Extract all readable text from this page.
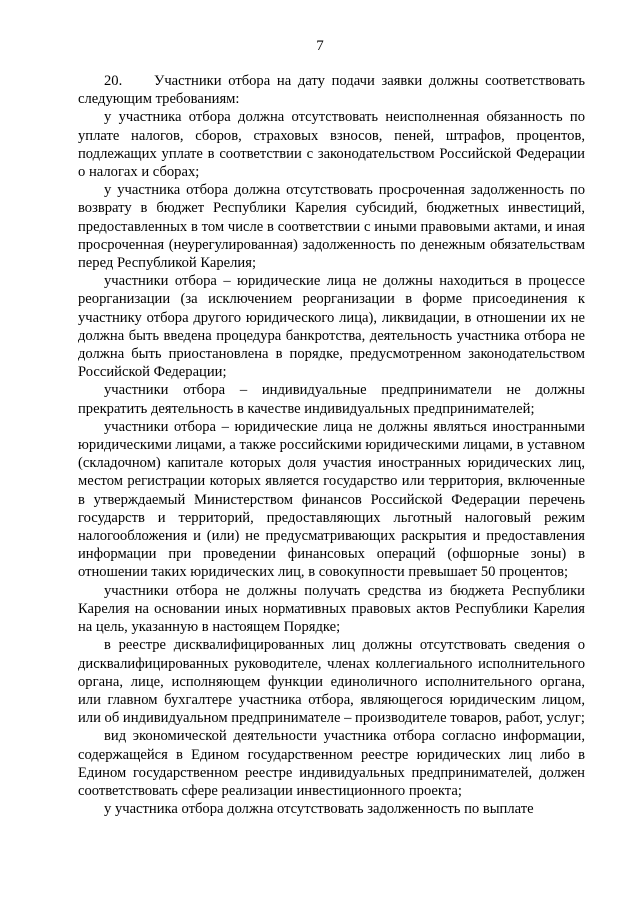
7

20. Участники отбора на дату подачи заявки должны соответствовать следующим требованиям:

у участника отбора должна отсутствовать неисполненная обязанность по уплате налогов, сборов, страховых взносов, пеней, штрафов, процентов, подлежащих уплате в соответствии с законодательством Российской Федерации о налогах и сборах;

у участника отбора должна отсутствовать просроченная задолженность по возврату в бюджет Республики Карелия субсидий, бюджетных инвестиций, предоставленных в том числе в соответствии с иными правовыми актами, и иная просроченная (неурегулированная) задолженность по денежным обязательствам перед Республикой Карелия;

участники отбора – юридические лица не должны находиться в процессе реорганизации (за исключением реорганизации в форме присоединения к участнику отбора другого юридического лица), ликвидации, в отношении их не должна быть введена процедура банкротства, деятельность участника отбора не должна быть приостановлена в порядке, предусмотренном законодательством Российской Федерации;

участники отбора – индивидуальные предприниматели не должны прекратить деятельность в качестве индивидуальных предпринимателей;

участники отбора – юридические лица не должны являться иностранными юридическими лицами, а также российскими юридическими лицами, в уставном (складочном) капитале которых доля участия иностранных юридических лиц, местом регистрации которых является государство или территория, включенные в утверждаемый Министерством финансов Российской Федерации перечень государств и территорий, предоставляющих льготный налоговый режим налогообложения и (или) не предусматривающих раскрытия и предоставления информации при проведении финансовых операций (офшорные зоны) в отношении таких юридических лиц, в совокупности превышает 50 процентов;

участники отбора не должны получать средства из бюджета Республики Карелия на основании иных нормативных правовых актов Республики Карелия на цель, указанную в настоящем Порядке;

в реестре дисквалифицированных лиц должны отсутствовать сведения о дисквалифицированных руководителе, членах коллегиального исполнительного органа, лице, исполняющем функции единоличного исполнительного органа, или главном бухгалтере участника отбора, являющегося юридическим лицом, или об индивидуальном предпринимателе – производителе товаров, работ, услуг;

вид экономической деятельности участника отбора согласно информации, содержащейся в Едином государственном реестре юридических лиц либо в Едином государственном реестре индивидуальных предпринимателей, должен соответствовать сфере реализации инвестиционного проекта;

у участника отбора должна отсутствовать задолженность по выплате
